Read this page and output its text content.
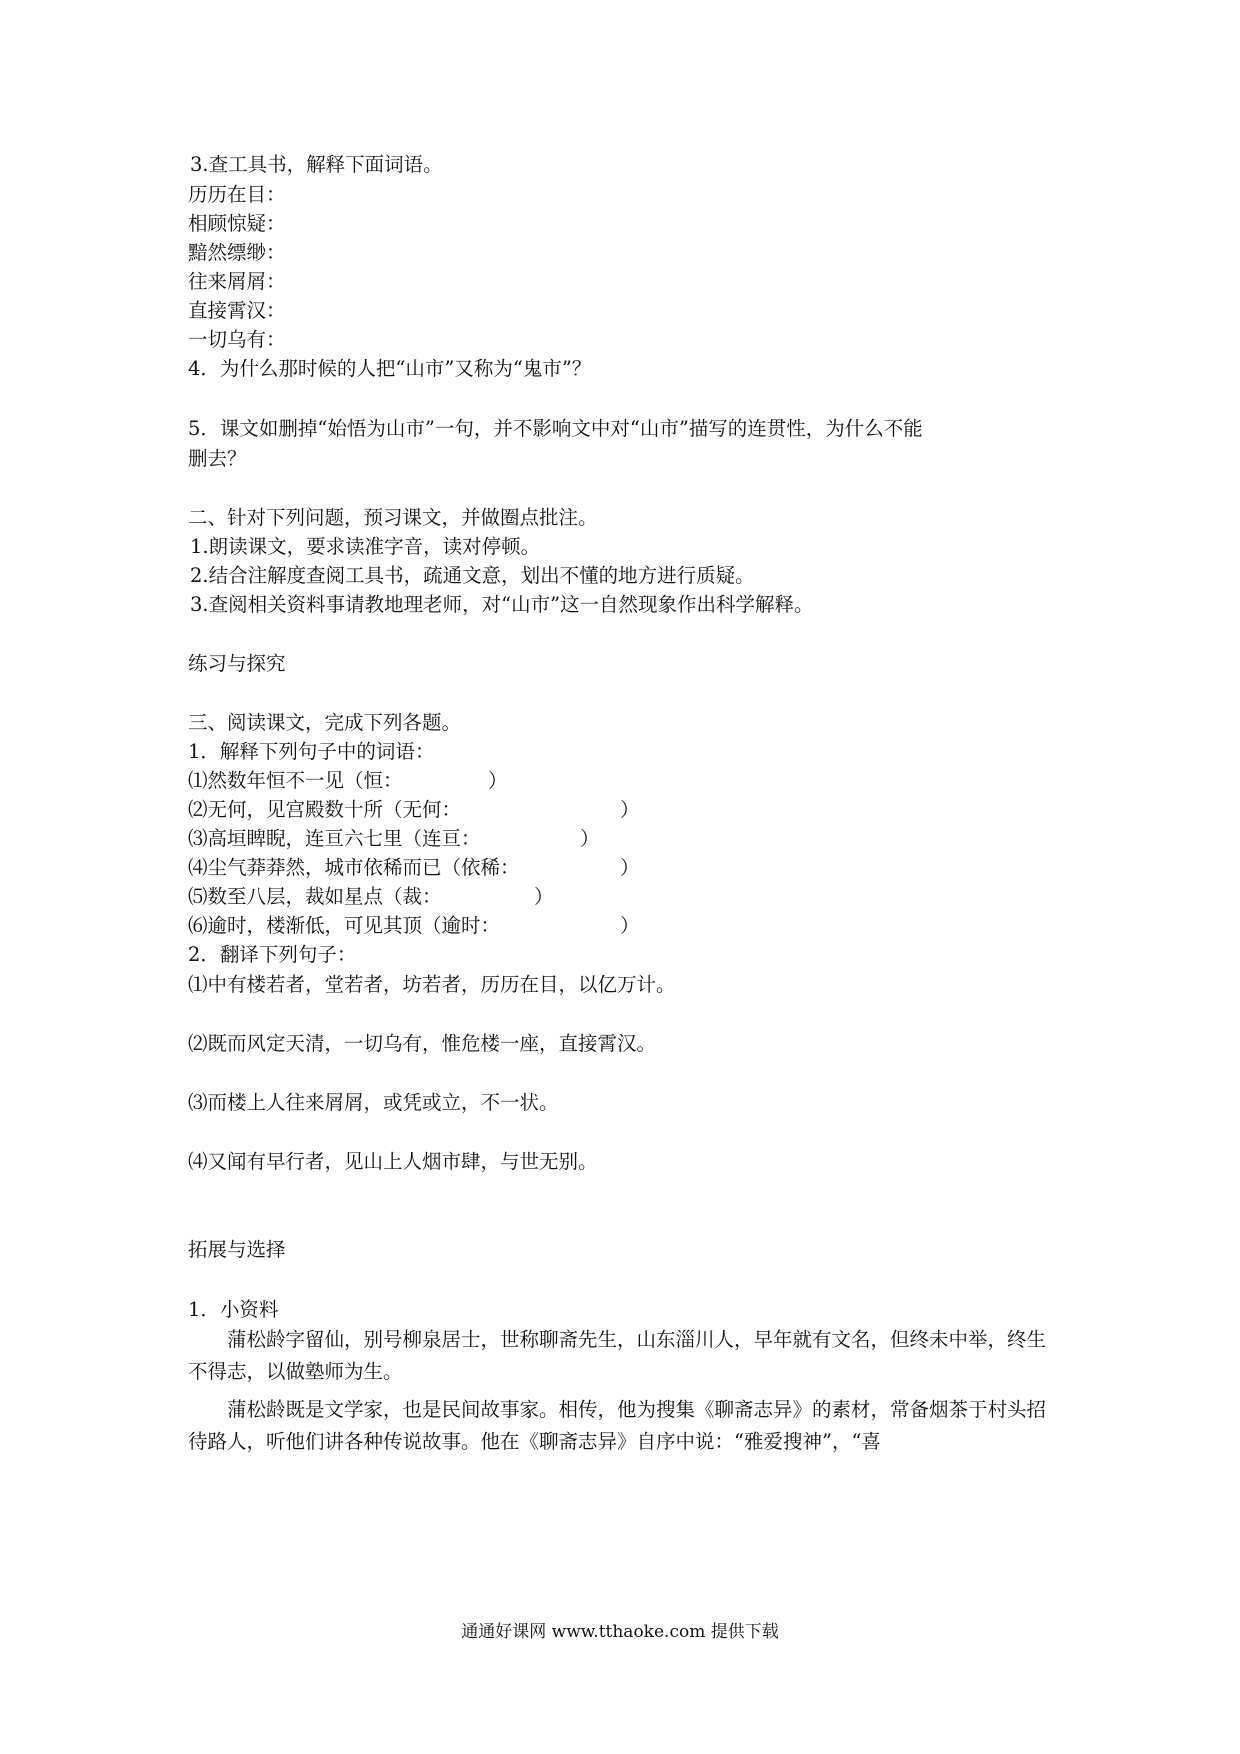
3.查工具书，解释下面词语。
历历在目：
相顾惊疑：
黯然缥缈：
往来屑屑：
直接霄汉：
一切乌有：
4．为什么那时候的人把“山市”又称为“鬼市”？
5．课文如删掉“始悟为山市”一句，并不影响文中对“山市”描写的连贯性，为什么不能
删去？
二、针对下列问题，预习课文，并做圈点批注。
1.朗读课文，要求读准字音，读对停顿。
2.结合注解度查阅工具书，疏通文意，划出不懂的地方进行质疑。
3.查阅相关资料事请教地理老师，对“山市”这一自然现象作出科学解释。
练习与探究
三、阅读课文，完成下列各题。
1．解释下列句子中的词语：
⑴然数年恒不一见（恒：	）
⑵无何，见宫殿数十所（无何：	）
⑶高垣睥睨，连亘六七里（连亘：	）
⑷尘气莽莽然，城市依稀而已（依稀：	）
⑸数至八层，裁如星点（裁：	）
⑹逾时，楼渐低，可见其顶（逾时：	）
2．翻译下列句子：
⑴中有楼若者，堂若者，坊若者，历历在目，以亿万计。
⑵既而风定天清，一切乌有，惟危楼一座，直接霄汉。
⑶而楼上人往来屑屑，或凭或立，不一状。
⑷又闻有早行者，见山上人烟市肆，与世无别。
拓展与选择
1．小资料

蒲松龄字留仙，别号柳泉居士，世称聊斋先生，山东淄川人，早年就有文名，但终未中举，终生不得志，以做塾师为生。

蒲松龄既是文学家，也是民间故事家。相传，他为搜集《聊斋志异》的素材，常备烟茶于村头招待路人，听他们讲各种传说故事。他在《聊斋志异》自序中说：“雅爱搜神”，“喜

通通好课网 www.tthaoke.com 提供下载
